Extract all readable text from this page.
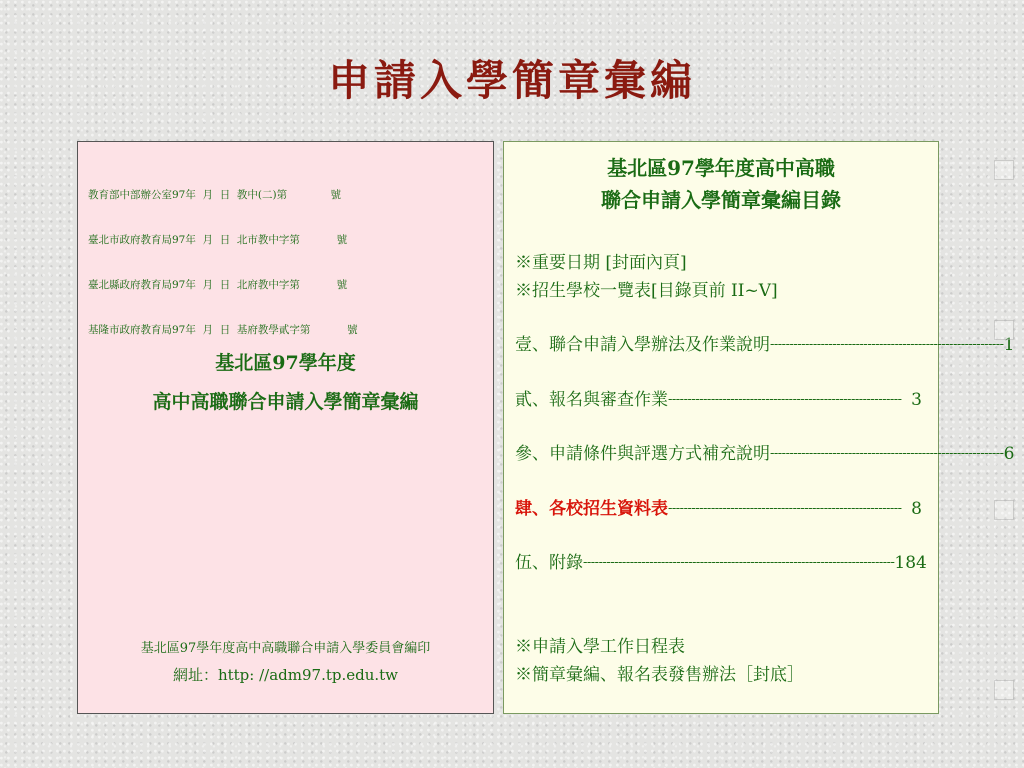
申請入學簡章彙編

教育部中部辦公室97年  月  日  教中(二)第             號

臺北市政府教育局97年  月  日  北市教中字第           號

臺北縣政府教育局97年  月  日  北府教中字第           號

基隆市政府教育局97年  月  日  基府教學貳字第           號

基北區97學年度
高中高職聯合申請入學簡章彙編
基北區97學年度高中高職聯合申請入學委員會編印
網址：http: //adm97.tp.edu.tw
基北區97學年度高中高職
聯合申請入學簡章彙編目錄
※重要日期 [封面內頁]
※招生學校一覽表[目錄頁前 II~V]
壹、聯合申請入學辦法及作業說明 ------------------------------------------------------------ 1
貳、報名與審查作業 ------------------------------------------------------------ 3
參、申請條件與評選方式補充說明 ------------------------------------------------------------ 6
肆、各校招生資料表 ------------------------------------------------------------ 8
伍、附錄 -------------------------------------------------------------------------------- 184
※申請入學工作日程表
※簡章彙編、報名表發售辦法［封底］
